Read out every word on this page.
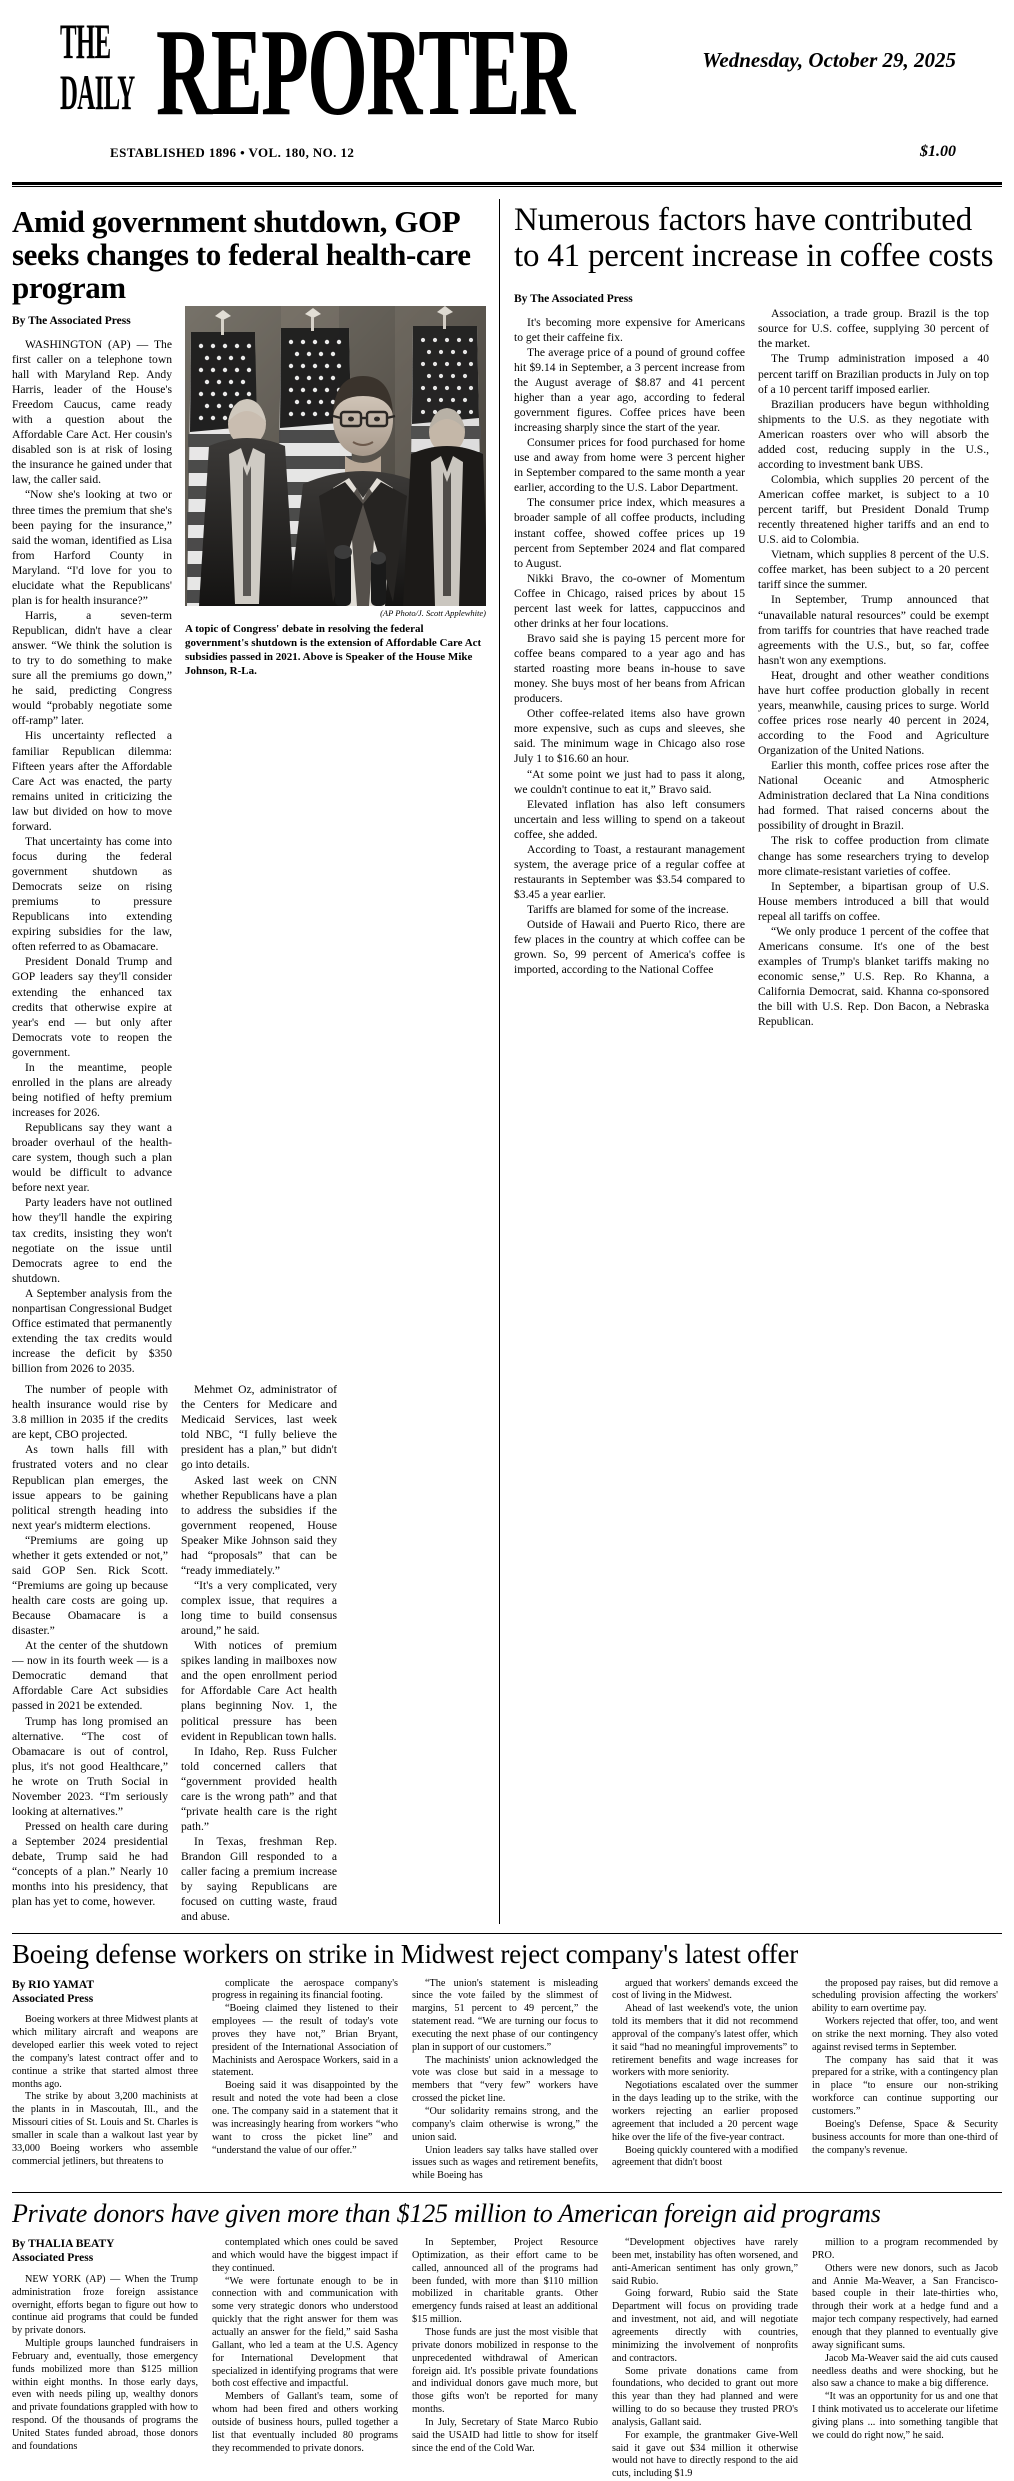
THE
DAILY REPORTER	Wednesday, October 29, 2025
ESTABLISHED 1896 • VOL. 180, NO. 12	$1.00
Amid government shutdown, GOP seeks changes to federal health-care program
By The Associated Press

WASHINGTON (AP) — The first caller on a telephone town hall with Maryland Rep. Andy Harris, leader of the House's Freedom Caucus, came ready with a question about the Affordable Care Act. Her cousin's disabled son is at risk of losing the insurance he gained under that law, the caller said.

“Now she's looking at two or three times the premium that she's been paying for the insurance,” said the woman, identified as Lisa from Harford County in Maryland. “I'd love for you to elucidate what the Republicans' plan is for health insurance?”

Harris, a seven-term Republican, didn't have a clear answer. “We think the solution is to try to do something to make sure all the premiums go down,” he said, predicting Congress would “probably negotiate some off-ramp” later.

His uncertainty reflected a familiar Republican dilemma: Fifteen years after the Affordable Care Act was enacted, the party remains united in criticizing the law but divided on how to move forward.

That uncertainty has come into focus during the federal government shutdown as Democrats seize on rising premiums to pressure Republicans into extending expiring subsidies for the law, often referred to as Obamacare.

President Donald Trump and GOP leaders say they'll consider extending the enhanced tax credits that otherwise expire at year's end — but only after Democrats vote to reopen the government.

In the meantime, people enrolled in the plans are already being notified of hefty premium increases for 2026.

Republicans say they want a broader overhaul of the health-care system, though such a plan would be difficult to advance before next year.

Party leaders have not outlined how they'll handle the expiring tax credits, insisting they won't negotiate on the issue until Democrats agree to end the shutdown.

A September analysis from the nonpartisan Congressional Budget Office estimated that permanently extending the tax credits would increase the deficit by $350 billion from 2026 to 2035.

(AP Photo/J. Scott Applewhite)
A topic of Congress' debate in resolving the federal government's shutdown is the extension of Affordable Care Act subsidies passed in 2021. Above is Speaker of the House Mike Johnson, R-La.

The number of people with health insurance would rise by 3.8 million in 2035 if the credits are kept, CBO projected.

As town halls fill with frustrated voters and no clear Republican plan emerges, the issue appears to be gaining political strength heading into next year's midterm elections.

“Premiums are going up whether it gets extended or not,” said GOP Sen. Rick Scott. “Premiums are going up because health care costs are going up. Because Obamacare is a disaster.”

At the center of the shutdown — now in its fourth week — is a Democratic demand that Affordable Care Act subsidies passed in 2021 be extended.

Trump has long promised an alternative. “The cost of Obamacare is out of control, plus, it's not good Healthcare,” he wrote on Truth Social in November 2023. “I'm seriously looking at alternatives.”

Pressed on health care during a September 2024 presidential debate, Trump said he had “concepts of a plan.” Nearly 10 months into his presidency, that plan has yet to come, however.

Mehmet Oz, administrator of the Centers for Medicare and Medicaid Services, last week told NBC, “I fully believe the president has a plan,” but didn't go into details.

Asked last week on CNN whether Republicans have a plan to address the subsidies if the government reopened, House Speaker Mike Johnson said they had “proposals” that can be “ready immediately.”

“It's a very complicated, very complex issue, that requires a long time to build consensus around,” he said.

With notices of premium spikes landing in mailboxes now and the open enrollment period for Affordable Care Act health plans beginning Nov. 1, the political pressure has been evident in Republican town halls.

In Idaho, Rep. Russ Fulcher told concerned callers that “government provided health care is the wrong path” and that “private health care is the right path.”

In Texas, freshman Rep. Brandon Gill responded to a caller facing a premium increase by saying Republicans are focused on cutting waste, fraud and abuse.

Numerous factors have contributed to 41 percent increase in coffee costs
By The Associated Press

It's becoming more expensive for Americans to get their caffeine fix.

The average price of a pound of ground coffee hit $9.14 in September, a 3 percent increase from the August average of $8.87 and 41 percent higher than a year ago, according to federal government figures. Coffee prices have been increasing sharply since the start of the year.

Consumer prices for food purchased for home use and away from home were 3 percent higher in September compared to the same month a year earlier, according to the U.S. Labor Department.

The consumer price index, which measures a broader sample of all coffee products, including instant coffee, showed coffee prices up 19 percent from September 2024 and flat compared to August.

Nikki Bravo, the co-owner of Momentum Coffee in Chicago, raised prices by about 15 percent last week for lattes, cappuccinos and other drinks at her four locations.

Bravo said she is paying 15 percent more for coffee beans compared to a year ago and has started roasting more beans in-house to save money. She buys most of her beans from African producers.

Other coffee-related items also have grown more expensive, such as cups and sleeves, she said. The minimum wage in Chicago also rose July 1 to $16.60 an hour.

“At some point we just had to pass it along, we couldn't continue to eat it,” Bravo said.

Elevated inflation has also left consumers uncertain and less willing to spend on a takeout coffee, she added.

According to Toast, a restaurant management system, the average price of a regular coffee at restaurants in September was $3.54 compared to $3.45 a year earlier.

Tariffs are blamed for some of the increase.

Outside of Hawaii and Puerto Rico, there are few places in the country at which coffee can be grown. So, 99 percent of America's coffee is imported, according to the National Coffee

Association, a trade group. Brazil is the top source for U.S. coffee, supplying 30 percent of the market.

The Trump administration imposed a 40 percent tariff on Brazilian products in July on top of a 10 percent tariff imposed earlier.

Brazilian producers have begun withholding shipments to the U.S. as they negotiate with American roasters over who will absorb the added cost, reducing supply in the U.S., according to investment bank UBS.

Colombia, which supplies 20 percent of the American coffee market, is subject to a 10 percent tariff, but President Donald Trump recently threatened higher tariffs and an end to U.S. aid to Colombia.

Vietnam, which supplies 8 percent of the U.S. coffee market, has been subject to a 20 percent tariff since the summer.

In September, Trump announced that “unavailable natural resources” could be exempt from tariffs for countries that have reached trade agreements with the U.S., but, so far, coffee hasn't won any exemptions.

Heat, drought and other weather conditions have hurt coffee production globally in recent years, meanwhile, causing prices to surge. World coffee prices rose nearly 40 percent in 2024, according to the Food and Agriculture Organization of the United Nations.

Earlier this month, coffee prices rose after the National Oceanic and Atmospheric Administration declared that La Nina conditions had formed. That raised concerns about the possibility of drought in Brazil.

The risk to coffee production from climate change has some researchers trying to develop more climate-resistant varieties of coffee.

In September, a bipartisan group of U.S. House members introduced a bill that would repeal all tariffs on coffee.

“We only produce 1 percent of the coffee that Americans consume. It's one of the best examples of Trump's blanket tariffs making no economic sense,” U.S. Rep. Ro Khanna, a California Democrat, said. Khanna co-sponsored the bill with U.S. Rep. Don Bacon, a Nebraska Republican.

Boeing defense workers on strike in Midwest reject company's latest offer
By RIO YAMAT
Associated Press

Boeing workers at three Midwest plants at which military aircraft and weapons are developed earlier this week voted to reject the company's latest contract offer and to continue a strike that started almost three months ago.

The strike by about 3,200 machinists at the plants in in Mascoutah, Ill., and the Missouri cities of St. Louis and St. Charles is smaller in scale than a walkout last year by 33,000 Boeing workers who assemble commercial jetliners, but threatens to

complicate the aerospace company's progress in regaining its financial footing.

“Boeing claimed they listened to their employees — the result of today's vote proves they have not,” Brian Bryant, president of the International Association of Machinists and Aerospace Workers, said in a statement.

Boeing said it was disappointed by the result and noted the vote had been a close one. The company said in a statement that it was increasingly hearing from workers “who want to cross the picket line” and “understand the value of our offer.”

“The union's statement is misleading since the vote failed by the slimmest of margins, 51 percent to 49 percent,” the statement read. “We are turning our focus to executing the next phase of our contingency plan in support of our customers.”

The machinists' union acknowledged the vote was close but said in a message to members that “very few” workers have crossed the picket line.

“Our solidarity remains strong, and the company's claim otherwise is wrong,” the union said.

Union leaders say talks have stalled over issues such as wages and retirement benefits, while Boeing has

argued that workers' demands exceed the cost of living in the Midwest.

Ahead of last weekend's vote, the union told its members that it did not recommend approval of the company's latest offer, which it said “had no meaningful improvements” to retirement benefits and wage increases for workers with more seniority.

Negotiations escalated over the summer in the days leading up to the strike, with the workers rejecting an earlier proposed agreement that included a 20 percent wage hike over the life of the five-year contract.

Boeing quickly countered with a modified agreement that didn't boost

the proposed pay raises, but did remove a scheduling provision affecting the workers' ability to earn overtime pay.

Workers rejected that offer, too, and went on strike the next morning. They also voted against revised terms in September.

The company has said that it was prepared for a strike, with a contingency plan in place “to ensure our non-striking workforce can continue supporting our customers.”

Boeing's Defense, Space & Security business accounts for more than one-third of the company's revenue.

Private donors have given more than $125 million to American foreign aid programs
By THALIA BEATY
Associated Press

NEW YORK (AP) — When the Trump administration froze foreign assistance overnight, efforts began to figure out how to continue aid programs that could be funded by private donors.

Multiple groups launched fundraisers in February and, eventually, those emergency funds mobilized more than $125 million within eight months. In those early days, even with needs piling up, wealthy donors and private foundations grappled with how to respond. Of the thousands of programs the United States funded abroad, those donors and foundations

contemplated which ones could be saved and which would have the biggest impact if they continued.

“We were fortunate enough to be in connection with and communication with some very strategic donors who understood quickly that the right answer for them was actually an answer for the field,” said Sasha Gallant, who led a team at the U.S. Agency for International Development that specialized in identifying programs that were both cost effective and impactful.

Members of Gallant's team, some of whom had been fired and others working outside of business hours, pulled together a list that eventually included 80 programs they recommended to private donors.

In September, Project Resource Optimization, as their effort came to be called, announced all of the programs had been funded, with more than $110 million mobilized in charitable grants. Other emergency funds raised at least an additional $15 million.

Those funds are just the most visible that private donors mobilized in response to the unprecedented withdrawal of American foreign aid. It's possible private foundations and individual donors gave much more, but those gifts won't be reported for many months.

In July, Secretary of State Marco Rubio said the USAID had little to show for itself since the end of the Cold War.

“Development objectives have rarely been met, instability has often worsened, and anti-American sentiment has only grown,” said Rubio.

Going forward, Rubio said the State Department will focus on providing trade and investment, not aid, and will negotiate agreements directly with countries, minimizing the involvement of nonprofits and contractors.

Some private donations came from foundations, who decided to grant out more this year than they had planned and were willing to do so because they trusted PRO's analysis, Gallant said.

For example, the grantmaker Give-Well said it gave out $34 million it otherwise would not have to directly respond to the aid cuts, including $1.9

million to a program recommended by PRO.

Others were new donors, such as Jacob and Annie Ma-Weaver, a San Francisco-based couple in their late-thirties who, through their work at a hedge fund and a major tech company respectively, had earned enough that they planned to eventually give away significant sums.

Jacob Ma-Weaver said the aid cuts caused needless deaths and were shocking, but he also saw a chance to make a big difference.

“It was an opportunity for us and one that I think motivated us to accelerate our lifetime giving plans ... into something tangible that we could do right now,” he said.
